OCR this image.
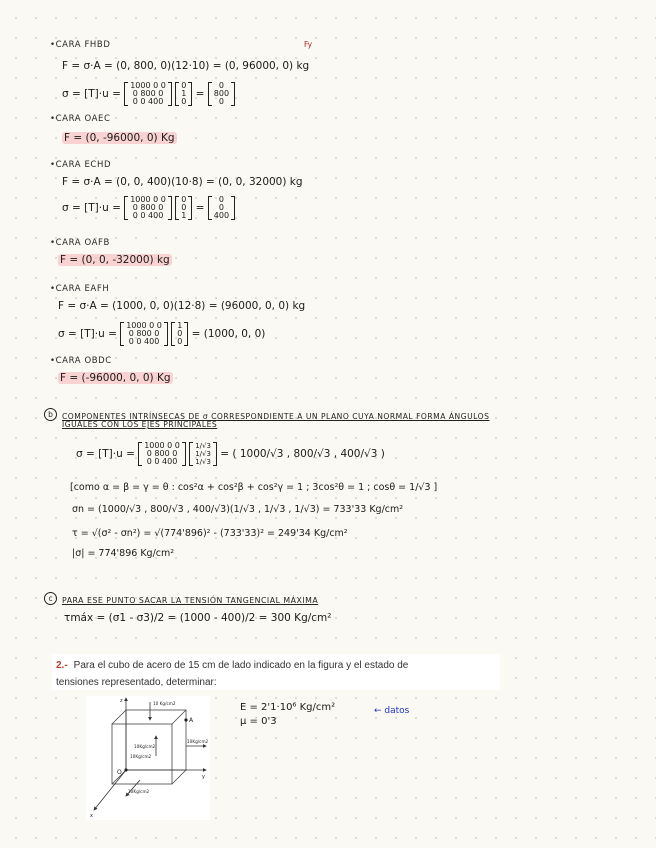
•CARA FHBD	Fy
F = σ·A = (0, 800, 0)(12·10) = (0, 96000, 0) kg
σ = [T]·u =
1000 0 0
0 800 0
0 0 400

0
1
0
=
0
800
0
•CARA OAEC
F = (0, -96000, 0) Kg
•CARA ECHD
F = σ·A = (0, 0, 400)(10·8) = (0, 0, 32000) kg
σ = [T]·u =
1000 0 0
0 800 0
0 0 400

0
0
1
=
0
0
400
•CARA OAFB
F = (0, 0, -32000) kg
•CARA EAFH
F = σ·A = (1000, 0, 0)(12·8) = (96000, 0, 0) kg
σ = [T]·u =
1000 0 0
0 800 0
0 0 400

1
0
0
= (1000, 0, 0)
•CARA OBDC
F = (-96000, 0, 0) Kg
b COMPONENTES INTRÍNSECAS DE σ CORRESPONDIENTE A UN PLANO CUYA NORMAL FORMA ÁNGULOS
IGUALES CON LOS EJES PRINCIPALES
σ = [T]·u =
1000 0 0
0 800 0
0 0 400

1/√3
1/√3
1/√3
= ( 1000/√3 , 800/√3 , 400/√3 )
[como α = β = γ = θ : cos²α + cos²β + cos²γ = 1 ; 3cos²θ = 1 ; cosθ = 1/√3 ]
σn = (1000/√3 , 800/√3 , 400/√3)(1/√3 , 1/√3 , 1/√3) = 733'33 Kg/cm²
τ = √(σ² - σn²) = √(774'896)² - (733'33)² = 249'34 Kg/cm²
|σ| = 774'896 Kg/cm²
c PARA ESE PUNTO SACAR LA TENSIÓN TANGENCIAL MÁXIMA
τmáx = (σ1 - σ3)/2 = (1000 - 400)/2 = 300 Kg/cm²

2.- Para el cubo de acero de 15 cm de lado indicado en la figura y el estado de

tensiones representado, determinar:

10 Kg/cm2
A
O
10Kg/cm2
10Kg/cm2
10Kg/cm2
10Kg/cm2
z
y
x
E = 2'1·10⁶ Kg/cm²
μ = 0'3
← datos
